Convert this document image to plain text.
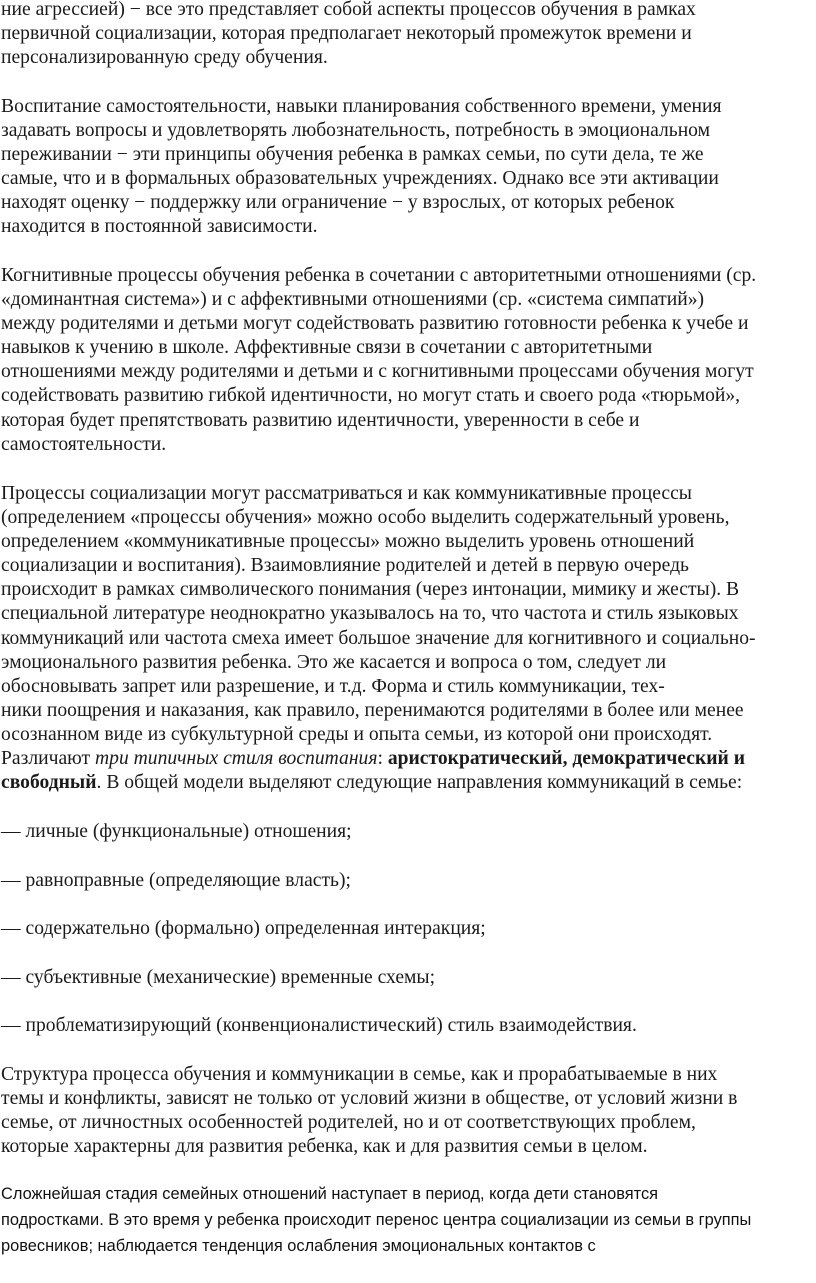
ние агрессией) − все это представляет собой аспекты процессов обучения в рамках
первичной социализации, которая предполагает некоторый промежуток времени и
персонализированную среду обучения.
Воспитание самостоятельности, навыки планирования собственного времени, умения
задавать вопросы и удовлетворять любознательность, потребность в эмоциональном
переживании − эти принципы обучения ребенка в рамках семьи, по сути дела, те же
самые, что и в формальных образовательных учреждениях. Однако все эти активации
находят оценку − поддержку или ограничение − у взрослых, от которых ребенок
находится в постоянной зависимости.
Когнитивные процессы обучения ребенка в сочетании с авторитетными отношениями (ср.
«доминантная система») и с аффективными отношениями (ср. «система симпатий»)
между родителями и детьми могут содействовать развитию готовности ребенка к учебе и
навыков к учению в школе. Аффективные связи в сочетании с авторитетными
отношениями между родителями и детьми и с когнитивными процессами обучения могут
содействовать развитию гибкой идентичности, но могут стать и своего рода «тюрьмой»,
которая будет препятствовать развитию идентичности, уверенности в себе и
самостоятельности.
Процессы социализации могут рассматриваться и как коммуникативные процессы
(определением «процессы обучения» можно особо выделить содержательный уровень,
определением «коммуникативные процессы» можно выделить уровень отношений
социализации и воспитания). Взаимовлияние родителей и детей в первую очередь
происходит в рамках символического понимания (через интонации, мимику и жесты). В
специальной литературе неоднократно указывалось на то, что частота и стиль языковых
коммуникаций или частота смеха имеет большое значение для когнитивного и социально-
эмоционального развития ребенка. Это же касается и вопроса о том, следует ли
обосновывать запрет или разрешение, и т.д. Форма и стиль коммуникации, тех-
ники поощрения и наказания, как правило, перенимаются родителями в более или менее
осознанном виде из субкультурной среды и опыта семьи, из которой они происходят.
Различают три типичных стиля воспитания: аристократический, демократический и
свободный. В общей модели выделяют следующие направления коммуникаций в семье:
— личные (функциональные) отношения;
— равноправные (определяющие власть);
— содержательно (формально) определенная интеракция;
— субъективные (механические) временные схемы;
— проблематизирующий (конвенционалистический) стиль взаимодействия.
Структура процесса обучения и коммуникации в семье, как и прорабатываемые в них
темы и конфликты, зависят не только от условий жизни в обществе, от условий жизни в
семье, от личностных особенностей родителей, но и от соответствующих проблем,
которые характерны для развития ребенка, как и для развития семьи в целом.
Сложнейшая стадия семейных отношений наступает в период, когда дети становятся
подростками. В это время у ребенка происходит перенос центра социализации из семьи в группы
ровесников; наблюдается тенденция ослабления эмоциональных контактов с
